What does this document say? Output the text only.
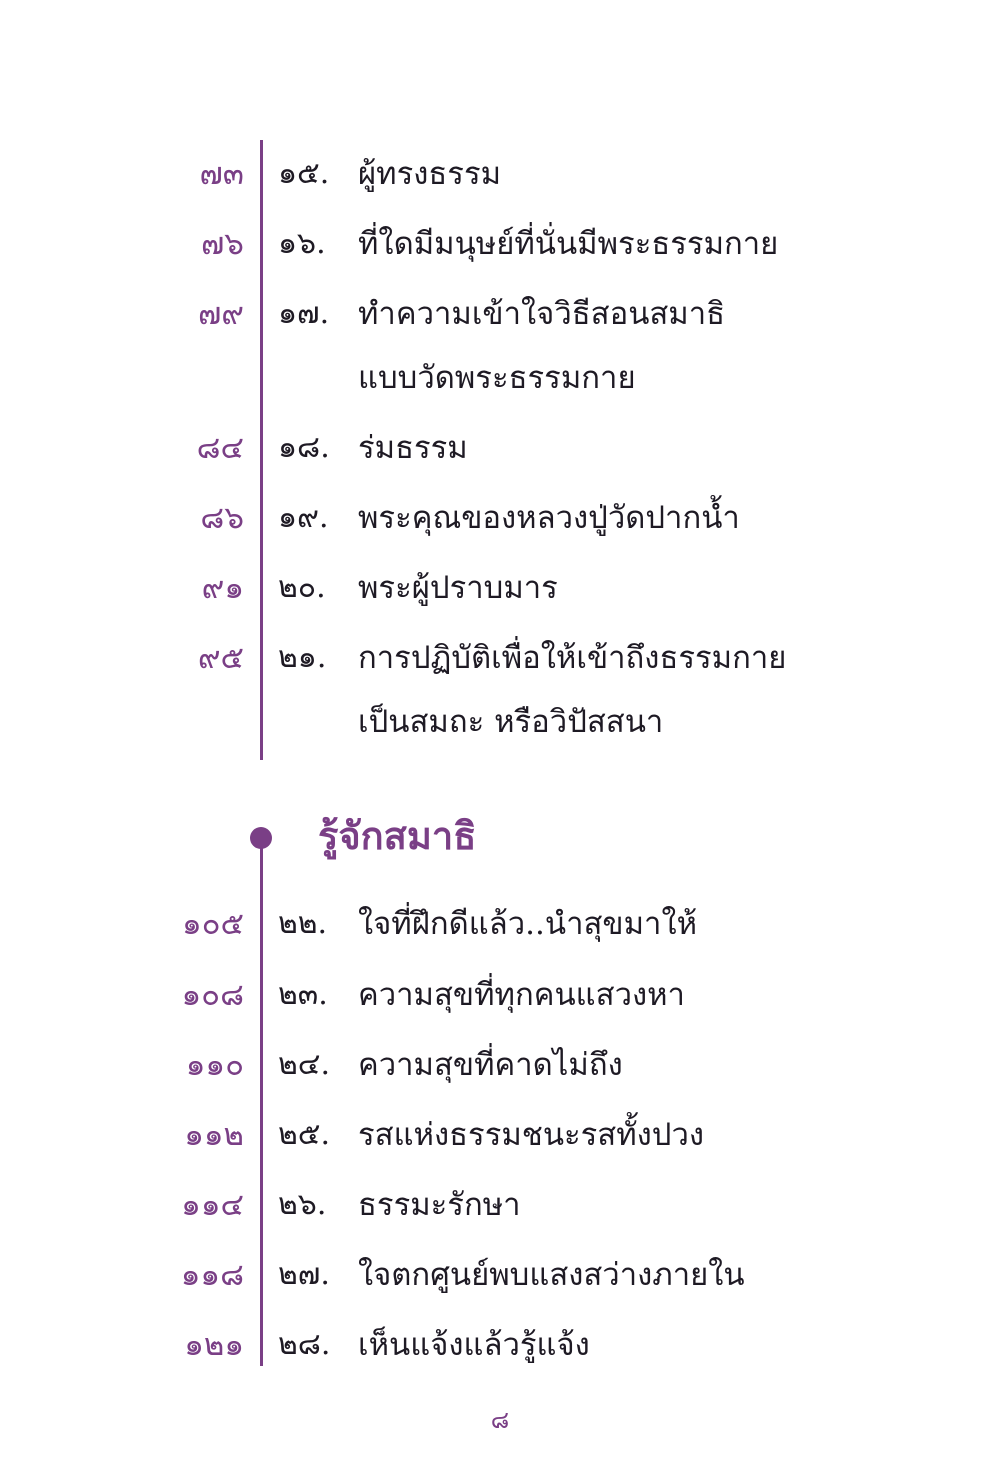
๗๓ ๑๕. ผู้ทรงธรรม
๗๖ ๑๖. ที่ใดมีมนุษย์ที่นั่นมีพระธรรมกาย
๗๙ ๑๗. ทำความเข้าใจวิธีสอนสมาธิ
แบบวัดพระธรรมกาย
๘๔ ๑๘. ร่มธรรม
๘๖ ๑๙. พระคุณของหลวงปู่วัดปากน้ำ
๙๑ ๒๐. พระผู้ปราบมาร
๙๕ ๒๑. การปฏิบัติเพื่อให้เข้าถึงธรรมกาย
เป็นสมถะ หรือวิปัสสนา
รู้จักสมาธิ
๑๐๕ ๒๒. ใจที่ฝึกดีแล้ว..นำสุขมาให้
๑๐๘ ๒๓. ความสุขที่ทุกคนแสวงหา
๑๑๐ ๒๔. ความสุขที่คาดไม่ถึง
๑๑๒ ๒๕. รสแห่งธรรมชนะรสทั้งปวง
๑๑๔ ๒๖. ธรรมะรักษา
๑๑๘ ๒๗. ใจตกศูนย์พบแสงสว่างภายใน
๑๒๑ ๒๘. เห็นแจ้งแล้วรู้แจ้ง
๘
